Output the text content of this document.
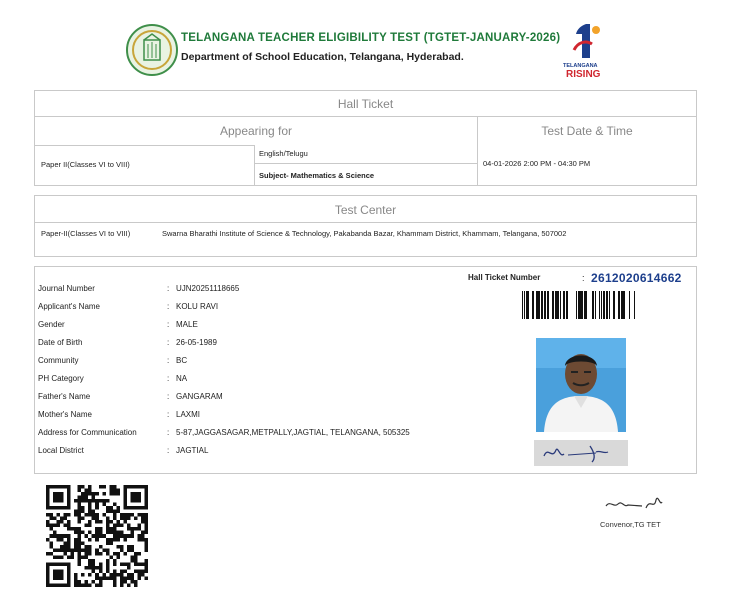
TELANGANA TEACHER ELIGIBILITY TEST (TGTET-JANUARY-2026)
Department of School Education, Telangana, Hyderabad.
TELANGANA
RISING
Hall Ticket
Appearing for	Test Date & Time
Paper II(Classes VI to VIII)
English/Telugu
Subject- Mathematics & Science
04-01-2026 2:00 PM - 04:30 PM
Test Center
Paper-II(Classes VI to VIII)	Swarna Bharathi Institute of Science & Technology, Pakabanda Bazar, Khammam District, Khammam, Telangana, 507002
Hall Ticket Number	: 2612020614662
Journal Number	: UJN20251118665
Applicant's Name	: KOLU RAVI
Gender	: MALE
Date of Birth	: 26-05-1989
Community	: BC
PH Category	: NA
Father's Name	: GANGARAM
Mother's Name	: LAXMI
Address for Communication	: 5-87,JAGGASAGAR,METPALLY,JAGTIAL, TELANGANA, 505325
Local District	: JAGTIAL
Convenor,TG TET
